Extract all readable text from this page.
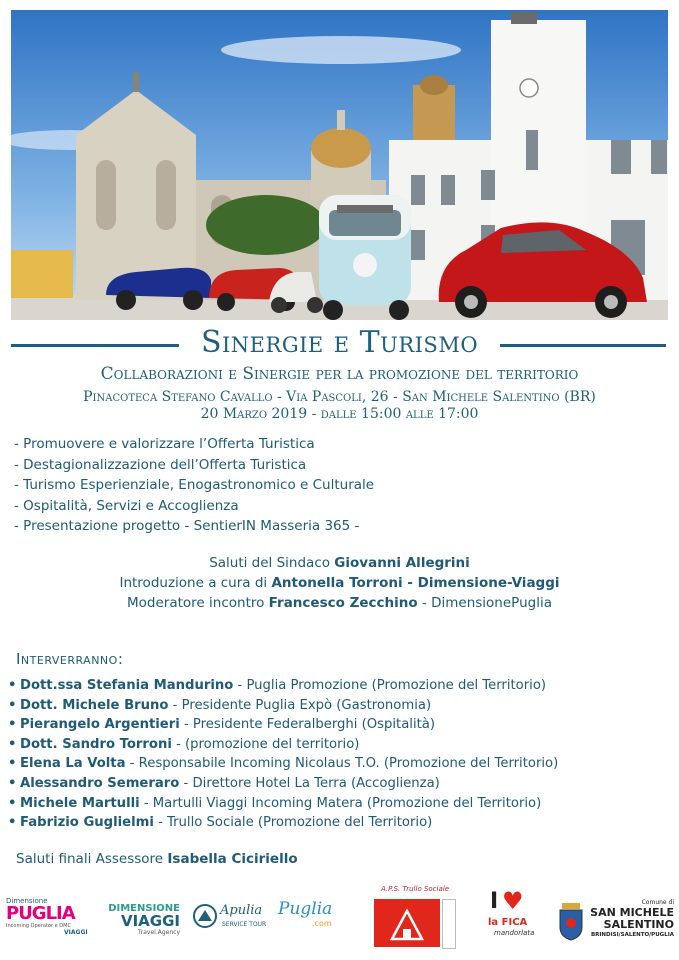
Sinergie e Turismo
Collaborazioni e Sinergie per la promozione del territorio
Pinacoteca Stefano Cavallo - Via Pascoli, 26 - San Michele Salentino (BR)
20 Marzo 2019 - dalle 15:00 alle 17:00
- Promuovere e valorizzare l’Offerta Turistica
- Destagionalizzazione dell’Offerta Turistica
- Turismo Esperienziale, Enogastronomico e Culturale
- Ospitalità, Servizi e Accoglienza
- Presentazione progetto - SentierIN Masseria 365 -
Saluti del Sindaco Giovanni Allegrini
Introduzione a cura di Antonella Torroni - Dimensione-Viaggi
Moderatore incontro Francesco Zecchino - DimensionePuglia
Interverranno:
• Dott.ssa Stefania Mandurino - Puglia Promozione (Promozione del Territorio)
• Dott. Michele Bruno - Presidente Puglia Expò (Gastronomia)
• Pierangelo Argentieri - Presidente Federalberghi (Ospitalità)
• Dott. Sandro Torroni - (promozione del territorio)
• Elena La Volta - Responsabile Incoming Nicolaus T.O. (Promozione del Territorio)
• Alessandro Semeraro - Direttore Hotel La Terra (Accoglienza)
• Michele Martulli - Martulli Viaggi Incoming Matera (Promozione del Territorio)
• Fabrizio Guglielmi - Trullo Sociale (Promozione del Territorio)
Saluti finali Assessore Isabella Ciciriello
Dimensione
PUGLIA
Incoming Operator e DMC
VIAGGI
DIMENSIONE
VIAGGI
Travel.Agency
Apulia
SERVICE TOUR
Puglia
.com
A.P.S. Trullo Sociale	I ♥
la FICA
mandorlata
Comune di
SAN MICHELE
SALENTINO
BRINDISI/SALENTO/PUGLIA
